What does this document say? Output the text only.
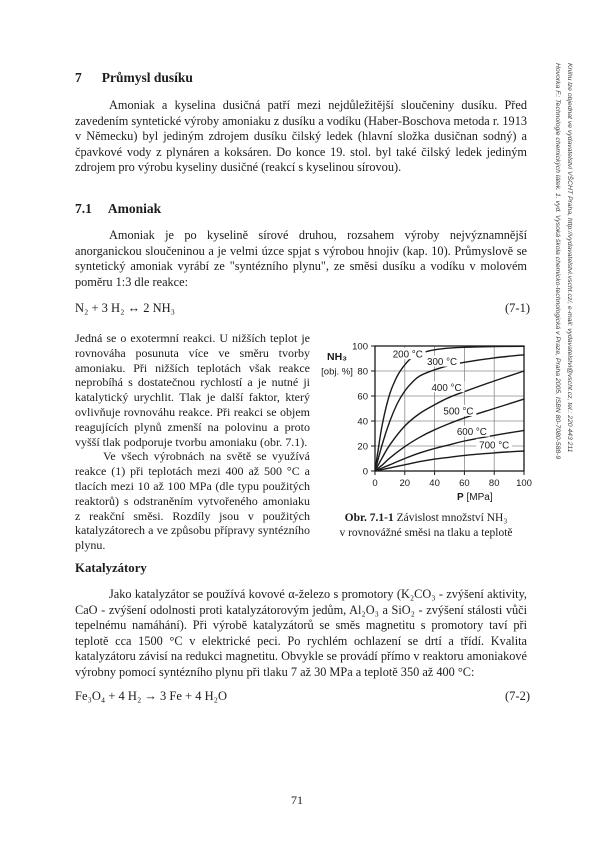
7 Průmysl dusíku

Amoniak a kyselina dusičná patří mezi nejdůležitější sloučeniny dusíku. Před zavedením syntetické výroby amoniaku z dusíku a vodíku (Haber-Boschova metoda r. 1913 v Německu) byl jediným zdrojem dusíku čilský ledek (hlavní složka dusičnan sodný) a čpavkové vody z plynáren a koksáren. Do konce 19. stol. byl také čilský ledek jediným zdrojem pro výrobu kyseliny dusičné (reakcí s kyselinou sírovou).

7.1 Amoniak

Amoniak je po kyselině sírové druhou, rozsahem výroby nejvýznamnější anorganickou sloučeninou a je velmi úzce spjat s výrobou hnojiv (kap. 10). Průmyslově se syntetický amoniak vyrábí ze "syntézního plynu", ze směsi dusíku a vodíku v molovém poměru 1:3 dle reakce:

N₂ + 3 H₂ ↔ 2 NH₃	(7-1)

Jedná se o exotermní reakci. U nižších teplot je rovnováha posunuta více ve směru tvorby amoniaku. Při nižších teplotách však reakce neprobíhá s dostatečnou rychlostí a je nutné ji katalytický urychlit. Tlak je další faktor, který ovlivňuje rovnováhu reakce. Při reakci se objem reagujících plynů zmenší na polovinu a proto vyšší tlak podporuje tvorbu amoniaku (obr. 7.1).

Ve všech výrobnách na světě se využívá reakce (1) při teplotách mezi 400 až 500 °C a tlacích mezi 10 až 100 MPa (dle typu použitých reaktorů) s odstraněním vytvořeného amoniaku z reakční směsi. Rozdíly jsou v použitých katalyzátorech a ve způsobu přípravy syntézního plynu.

200 °C
300 °C
400 °C
500 °C
600 °C
700 °C
0
20
40
60
80
100
0 20 40 60 80 100
NH₃
[obj. %]
P [MPa]
Obr. 7.1-1 Závislost množství NH₃
v rovnovážné směsi na tlaku a teplotě
Katalyzátory

Jako katalyzátor se používá kovové α-železo s promotory (K₂CO₃ - zvýšení aktivity, CaO - zvýšení odolnosti proti katalyzátorovým jedům, Al₂O₃ a SiO₂ - zvýšení stálosti vůči tepelnému namáhání). Při výrobě katalyzátorů se směs magnetitu s promotory taví při teplotě cca 1500 °C v elektrické peci. Po rychlém ochlazení se drtí a třídí. Kvalita katalyzátoru závisí na redukci magnetitu. Obvykle se provádí přímo v reaktoru amoniakové výrobny pomocí syntézního plynu při tlaku 7 až 30 MPa a teplotě 350 až 400 °C:

Fe₃O₄ + 4 H₂ → 3 Fe + 4 H₂O	(7-2)
71
Hovorka F.: Technologie chemických látek. 1. vyd. Vysoká škola chemicko-technologická v Praze, Praha 2005. ISBN 80-7080-588-9 Knihu lze objednat ve vydavatelství VŠCHT Praha, http://vydavatelstvi.vscht.cz/, e-mail: vydavatelstvi@vscht.cz, tel.: 220 443 211
